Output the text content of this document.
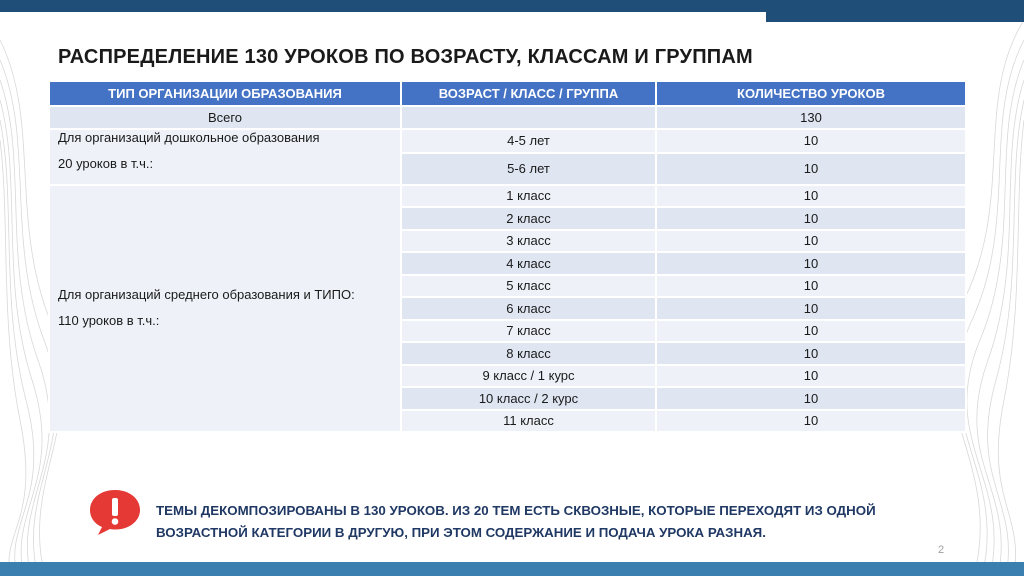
РАСПРЕДЕЛЕНИЕ 130 УРОКОВ ПО ВОЗРАСТУ, КЛАССАМ И ГРУППАМ
ТИП ОРГАНИЗАЦИИ ОБРАЗОВАНИЯ	ВОЗРАСТ / КЛАСС / ГРУППА	КОЛИЧЕСТВО УРОКОВ
Всего		130

Для организаций дошкольное образования

20 уроков в т.ч.:	4-5 лет	10
	5-6 лет	10

Для организаций среднего образования и ТИПО:

110 уроков в т.ч.:	1 класс	10
	2 класс	10
	3 класс	10
	4 класс	10
	5 класс	10
	6 класс	10
	7 класс	10
	8 класс	10
	9 класс / 1 курс	10
	10 класс / 2 курс	10
	11 класс	10

ТЕМЫ ДЕКОМПОЗИРОВАНЫ В 130 УРОКОВ. ИЗ 20 ТЕМ ЕСТЬ СКВОЗНЫЕ, КОТОРЫЕ ПЕРЕХОДЯТ ИЗ ОДНОЙ ВОЗРАСТНОЙ КАТЕГОРИИ В ДРУГУЮ, ПРИ ЭТОМ СОДЕРЖАНИЕ И ПОДАЧА УРОКА РАЗНАЯ.

2
